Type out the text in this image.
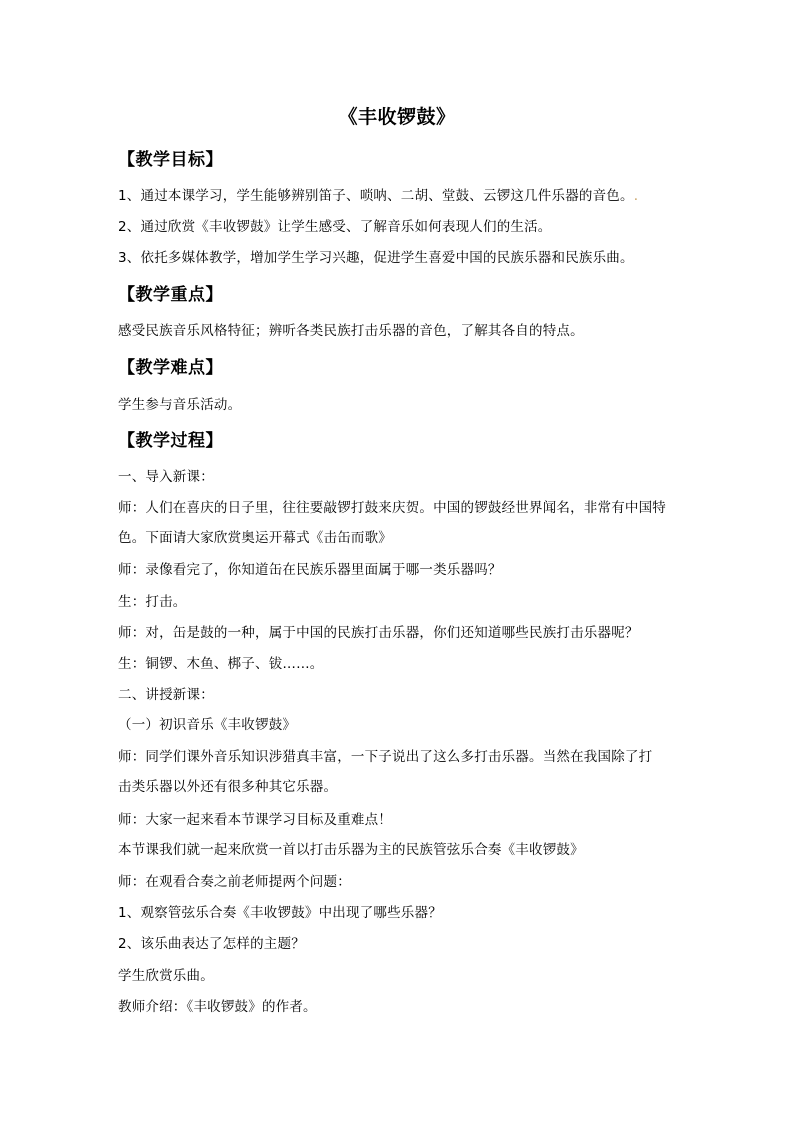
《丰收锣鼓》
【教学目标】
1、通过本课学习，学生能够辨别笛子、唢呐、二胡、堂鼓、云锣这几件乐器的音色。.
2、通过欣赏《丰收锣鼓》让学生感受、了解音乐如何表现人们的生活。
3、依托多媒体教学，增加学生学习兴趣，促进学生喜爱中国的民族乐器和民族乐曲。
【教学重点】
感受民族音乐风格特征；辨听各类民族打击乐器的音色，了解其各自的特点。
【教学难点】
学生参与音乐活动。
【教学过程】
一、导入新课：
师：人们在喜庆的日子里，往往要敲锣打鼓来庆贺。中国的锣鼓经世界闻名，非常有中国特
色。下面请大家欣赏奥运开幕式《击缶而歌》
师：录像看完了，你知道缶在民族乐器里面属于哪一类乐器吗？
生：打击。
师：对，缶是鼓的一种，属于中国的民族打击乐器，你们还知道哪些民族打击乐器呢？
生：铜锣、木鱼、梆子、钹……。
二、讲授新课：
（一）初识音乐《丰收锣鼓》
师：同学们课外音乐知识涉猎真丰富，一下子说出了这么多打击乐器。当然在我国除了打
击类乐器以外还有很多种其它乐器。
师：大家一起来看本节课学习目标及重难点！
本节课我们就一起来欣赏一首以打击乐器为主的民族管弦乐合奏《丰收锣鼓》
师：在观看合奏之前老师提两个问题：
1、观察管弦乐合奏《丰收锣鼓》中出现了哪些乐器？
2、该乐曲表达了怎样的主题？
学生欣赏乐曲。
教师介绍：《丰收锣鼓》的作者。
